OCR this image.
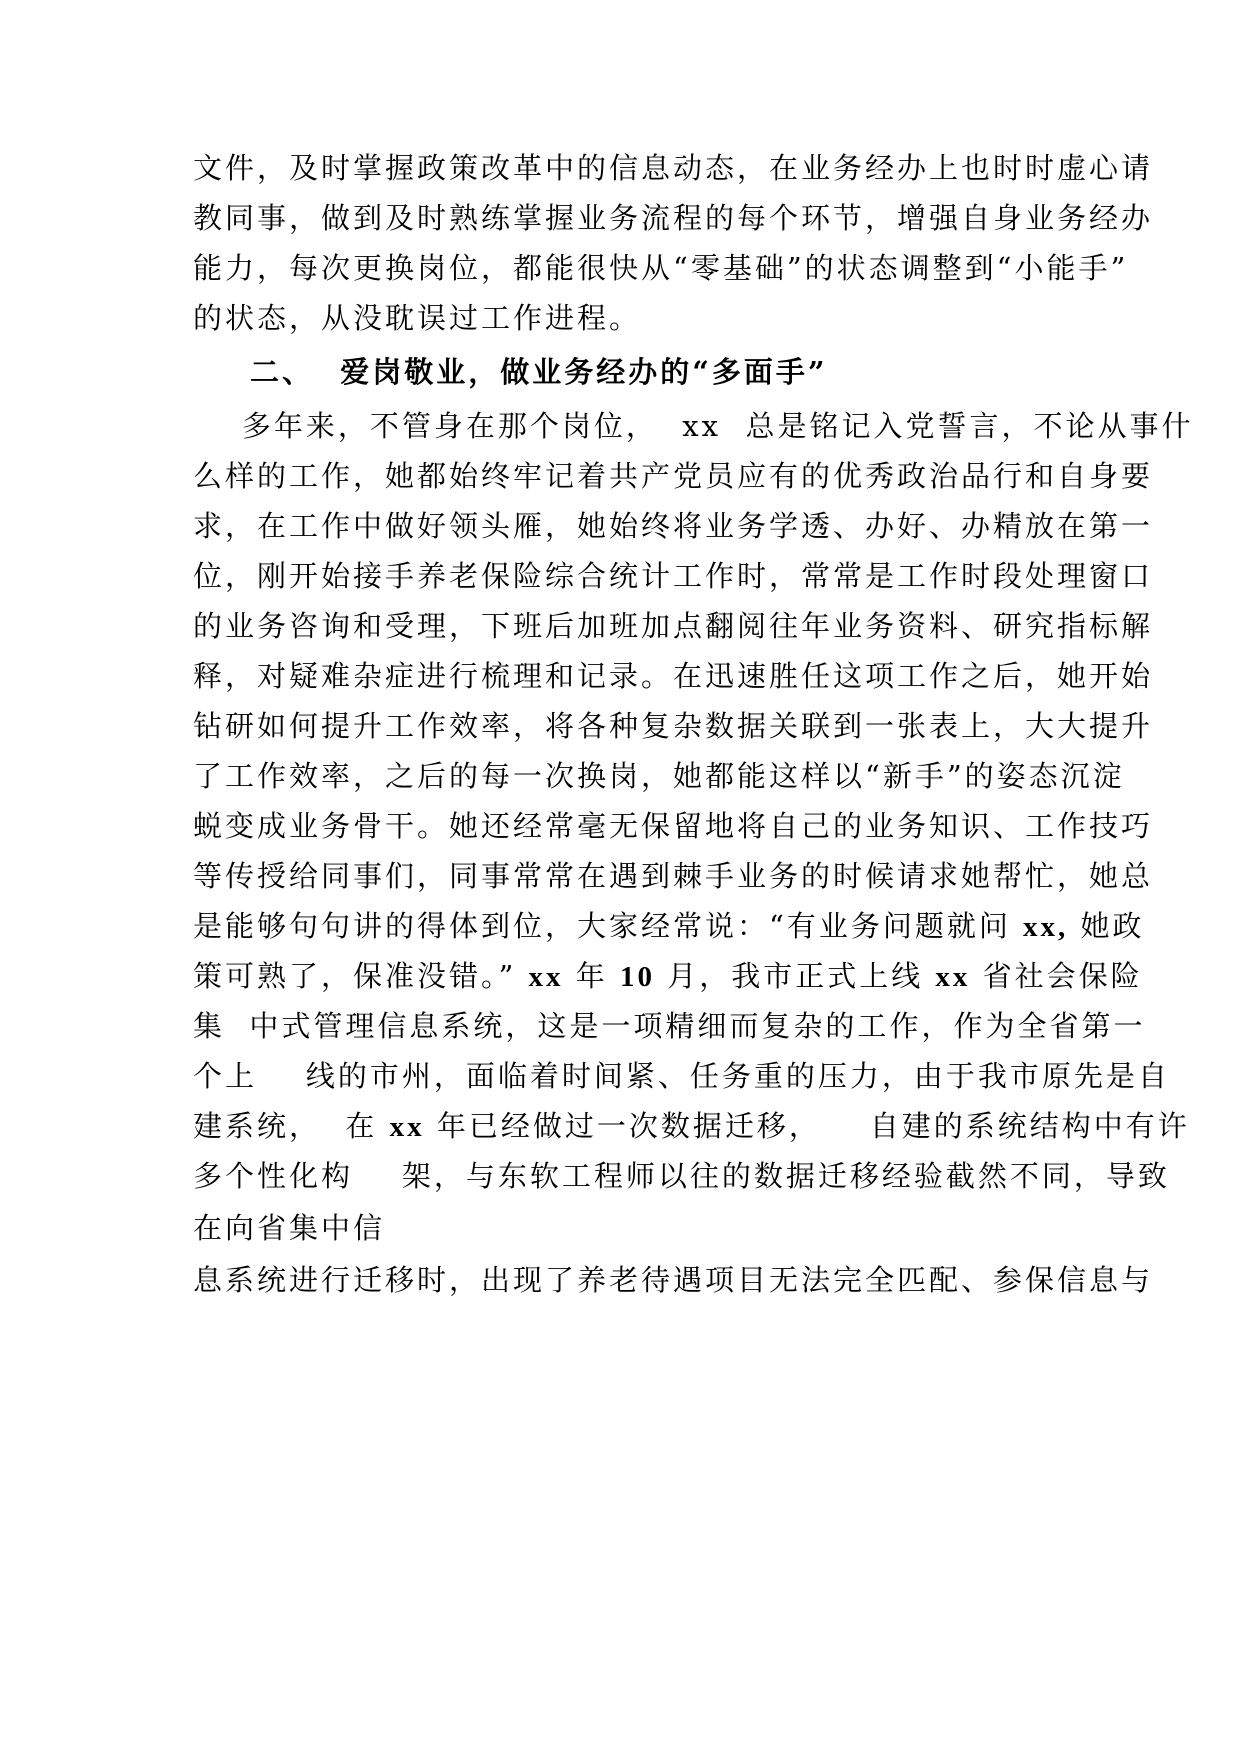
文件，及时掌握政策改革中的信息动态，在业务经办上也时时虚心请
教同事，做到及时熟练掌握业务流程的每个环节，增强自身业务经办
能力，每次更换岗位，都能很快从“零基础”的状态调整到“小能手”
的状态，从没耽误过工作进程。
二、  爱岗敬业，做业务经办的“多面手”
多年来，不管身在那个岗位，  xx  总是铭记入党誓言，不论从事什
么样的工作，她都始终牢记着共产党员应有的优秀政治品行和自身要
求，在工作中做好领头雁，她始终将业务学透、办好、办精放在第一
位，刚开始接手养老保险综合统计工作时，常常是工作时段处理窗口
的业务咨询和受理，下班后加班加点翻阅往年业务资料、研究指标解
释，对疑难杂症进行梳理和记录。在迅速胜任这项工作之后，她开始
钻研如何提升工作效率，将各种复杂数据关联到一张表上，大大提升
了工作效率，之后的每一次换岗，她都能这样以“新手”的姿态沉淀
蜕变成业务骨干。她还经常毫无保留地将自己的业务知识、工作技巧
等传授给同事们，同事常常在遇到棘手业务的时候请求她帮忙，她总
是能够句句讲的得体到位，大家经常说：“有业务问题就问 xx, 她政
策可熟了，保准没错。” xx 年 10 月，我市正式上线 xx 省社会保险
集  中式管理信息系统，这是一项精细而复杂的工作，作为全省第一
个上    线的市州，面临着时间紧、任务重的压力，由于我市原先是自
建系统，  在 xx 年已经做过一次数据迁移，    自建的系统结构中有许
多个性化构    架，与东软工程师以往的数据迁移经验截然不同，导致
在向省集中信
息系统进行迁移时，出现了养老待遇项目无法完全匹配、参保信息与
